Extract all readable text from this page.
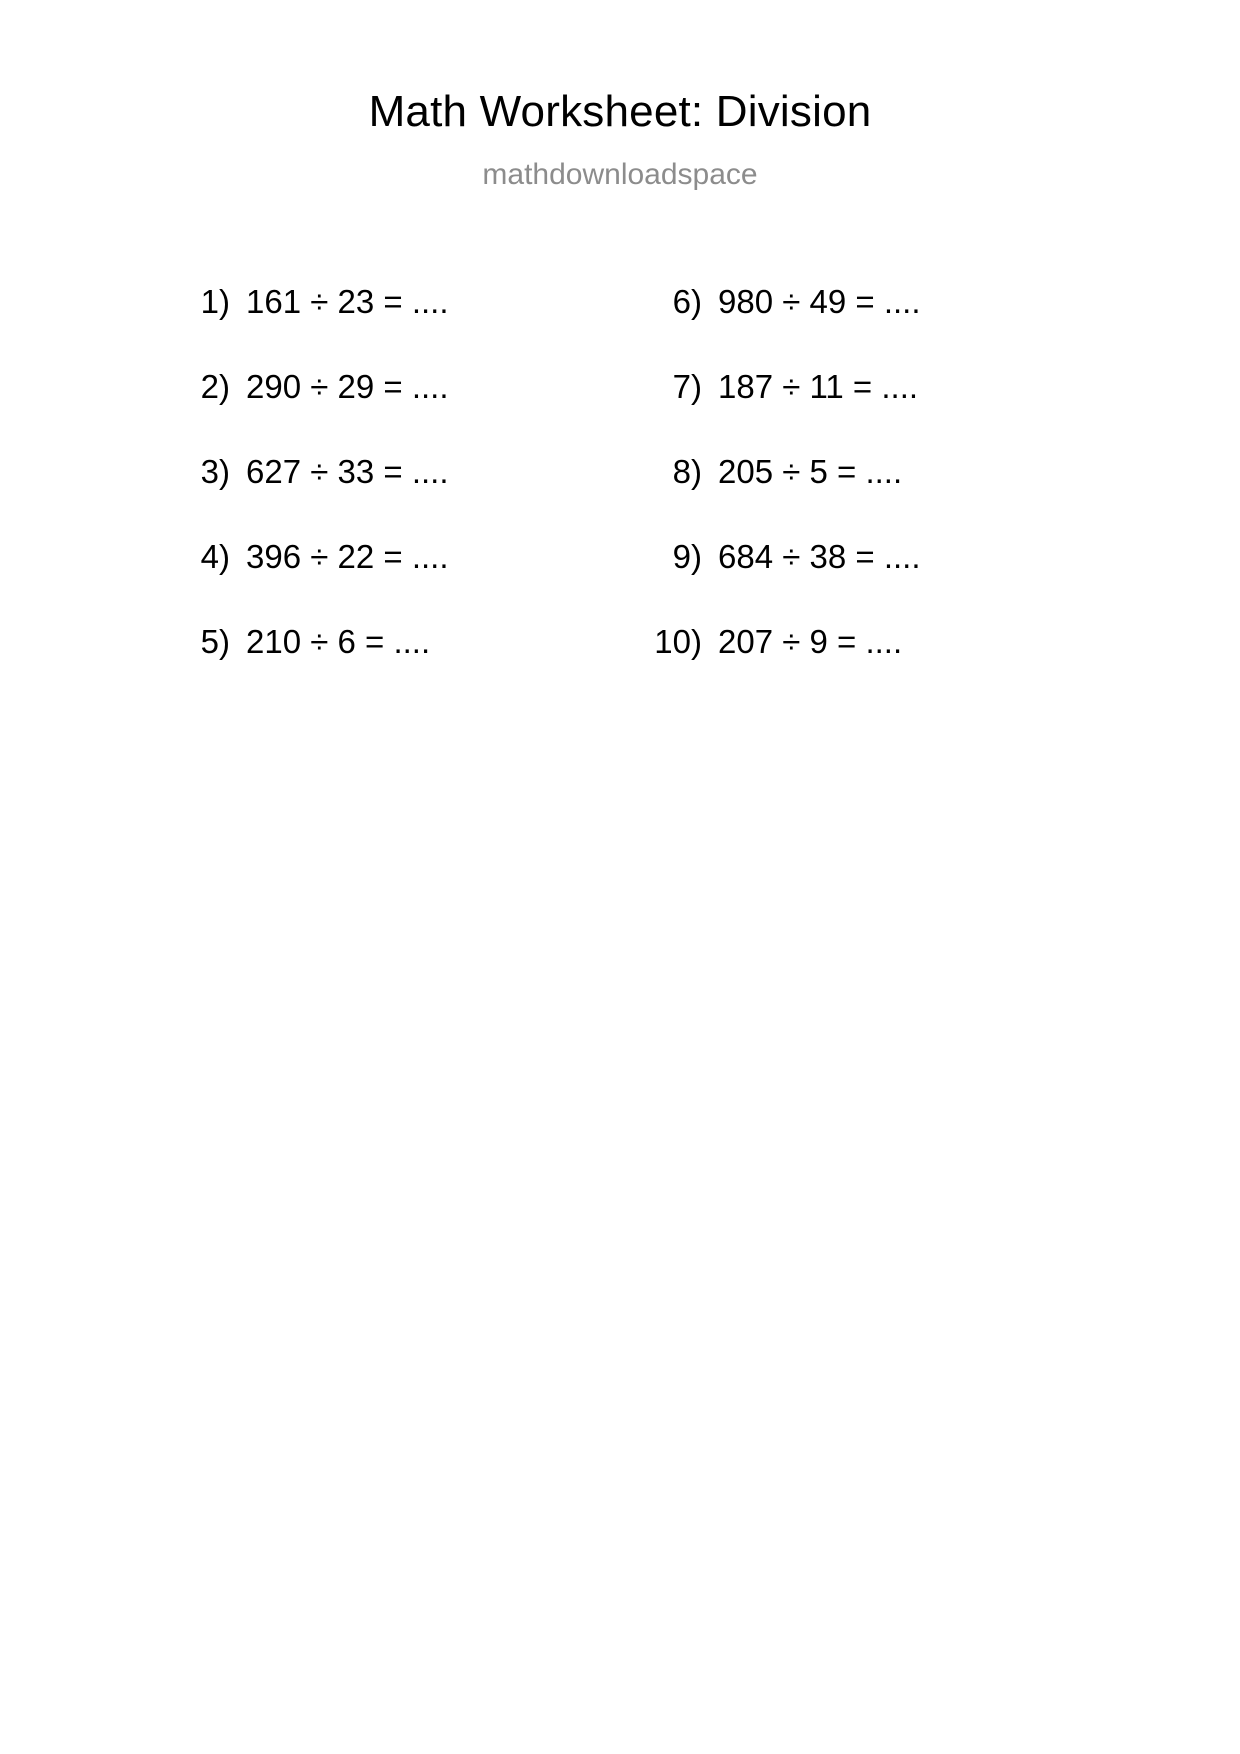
Math Worksheet: Division
mathdownloadspace
1) 161 ÷ 23 = ....
2) 290 ÷ 29 = ....
3) 627 ÷ 33 = ....
4) 396 ÷ 22 = ....
5) 210 ÷ 6 = ....
6) 980 ÷ 49 = ....
7) 187 ÷ 11 = ....
8) 205 ÷ 5 = ....
9) 684 ÷ 38 = ....
10) 207 ÷ 9 = ....
